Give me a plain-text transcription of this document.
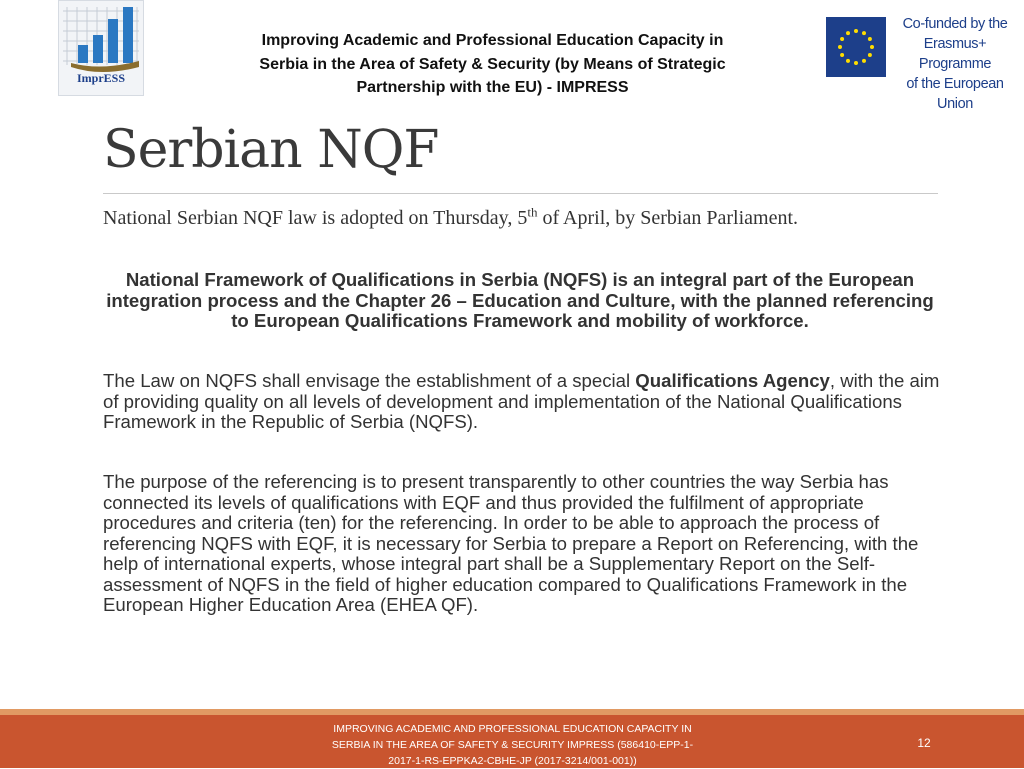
ImprESS
Improving Academic and Professional Education Capacity in
Serbia in the Area of Safety & Security (by Means of Strategic
Partnership with the EU) - IMPRESS
Co-funded by the
Erasmus+ Programme
of the European Union
Serbian NQF

National Serbian NQF law is adopted on Thursday, 5th of April, by Serbian Parliament.

National Framework of Qualifications in Serbia (NQFS) is an integral part of the European integration process and the Chapter 26 – Education and Culture, with the planned referencing to European Qualifications Framework and mobility of workforce.

The Law on NQFS shall envisage the establishment of a special Qualifications Agency, with the aim of providing quality on all levels of development and implementation of the National Qualifications Framework in the Republic of Serbia (NQFS).

The purpose of the referencing is to present transparently to other countries the way Serbia has connected its levels of qualifications with EQF and thus provided the fulfilment of appropriate procedures and criteria (ten) for the referencing. In order to be able to approach the process of referencing NQFS with EQF, it is necessary for Serbia to prepare a Report on Referencing, with the help of international experts, whose integral part shall be a Supplementary Report on the Self-assessment of NQFS in the field of higher education compared to Qualifications Framework in the European Higher Education Area (EHEA QF).

IMPROVING ACADEMIC AND PROFESSIONAL EDUCATION CAPACITY IN
SERBIA IN THE AREA OF SAFETY & SECURITY IMPRESS (586410-EPP-1-
2017-1-RS-EPPKA2-CBHE-JP (2017-3214/001-001))
12
